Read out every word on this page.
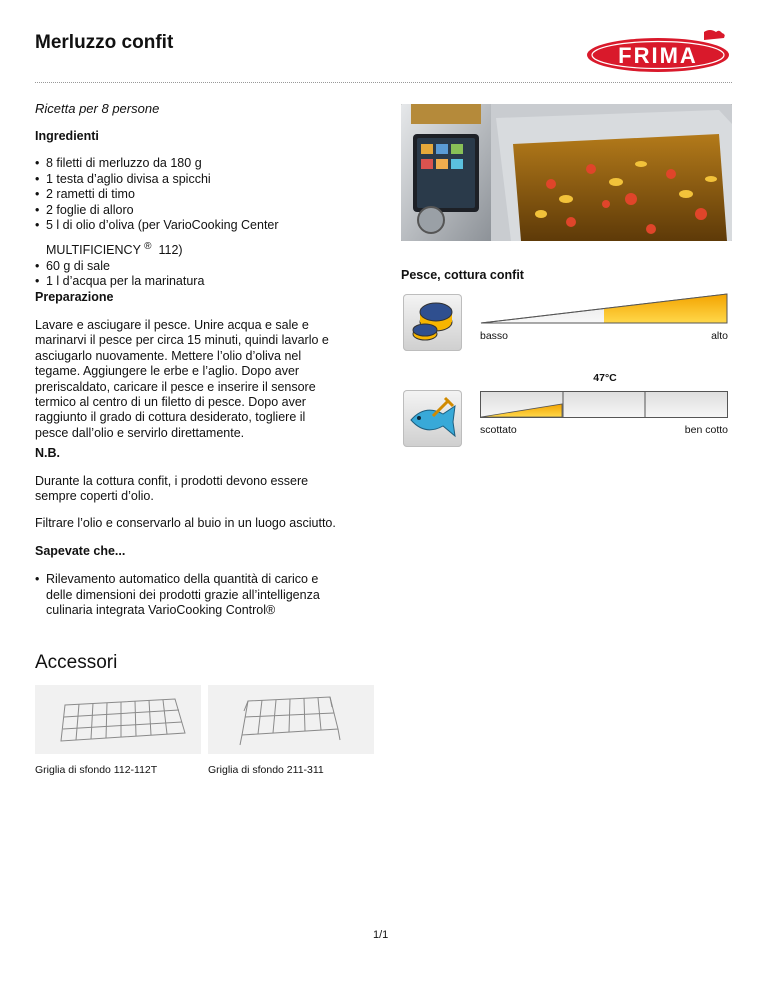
Merluzzo confit
FRIMA
Ricetta per 8 persone
Ingredienti
• 8 filetti di merluzzo da 180 g
• 1 testa d’aglio divisa a spicchi
• 2 rametti di timo
• 2 foglie di alloro
• 5 l di olio d’oliva (per VarioCooking Center
MULTIFICIENCY ® 112)
• 60 g di sale
• 1 l d’acqua per la marinatura
Preparazione

Lavare e asciugare il pesce. Unire acqua e sale e marinarvi il pesce per circa 15 minuti, quindi lavarlo e asciugarlo nuovamente. Mettere l’olio d’oliva nel tegame. Aggiungere le erbe e l’aglio. Dopo aver preriscaldato, caricare il pesce e inserire il sensore termico al centro di un filetto di pesce. Dopo aver raggiunto il grado di cottura desiderato, togliere il pesce dall’olio e servirlo direttamente.

N.B.

Durante la cottura confit, i prodotti devono essere sempre coperti d’olio.

Filtrare l’olio e conservarlo al buio in un luogo asciutto.

Sapevate che...
• Rilevamento automatico della quantità di carico e delle dimensioni dei prodotti grazie all’intelligenza culinaria integrata VarioCooking Control®
Pesce, cottura confit
basso	alto
47°C
scottato	ben cotto
Accessori
Griglia di sfondo 112-112T	Griglia di sfondo 211-311
1/1
